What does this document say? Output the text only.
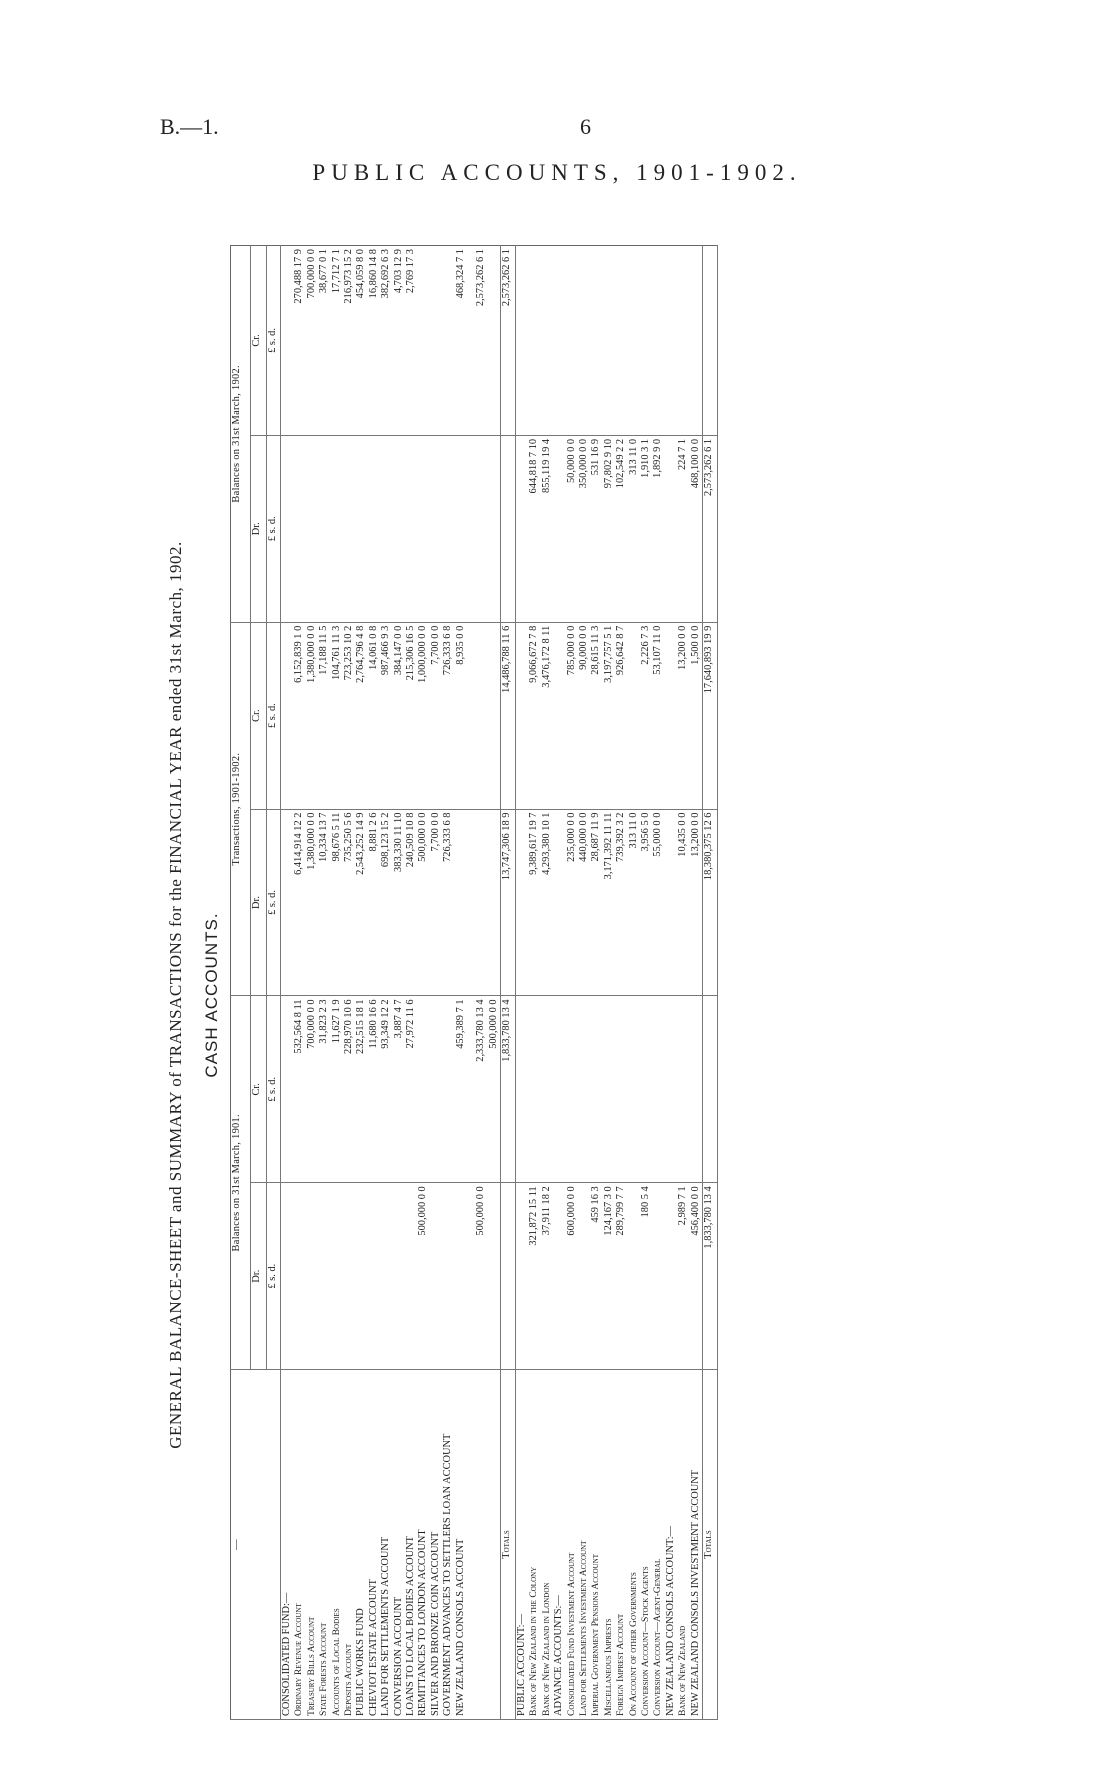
B.—1.	6
PUBLIC ACCOUNTS, 1901-1902.
GENERAL BALANCE-SHEET and SUMMARY of TRANSACTIONS for the FINANCIAL YEAR ended 31st March, 1902. CASH ACCOUNTS.
—	Balances on 31st March, 1901.		Transactions, 1901-1902.		Balances on 31st March, 1902.	
	Dr.	Cr.	Dr.	Cr.	Dr.	Cr.
	£ s. d.	£ s. d.	£ s. d.	£ s. d.	£ s. d.	£ s. d.
CONSOLIDATED FUND:—						
Ordinary Revenue Account		532,564 8 11	6,414,914 12 2	6,152,839 1 0		270,488 17 9
Treasury Bills Account		700,000 0 0	1,380,000 0 0	1,380,000 0 0		700,000 0 0
State Forests Account		31,823 2 3	10,334 13 7	17,188 11 5		38,677 0 1
Accounts of Local Bodies		11,627 1 9	98,676 5 11	104,761 11 3		17,712 7 1
Deposits Account		228,970 10 6	735,250 5 6	723,253 10 2		216,973 15 2
PUBLIC WORKS FUND		232,515 18 1	2,543,252 14 9	2,764,796 4 8		454,059 8 0
CHEVIOT ESTATE ACCOUNT		11,680 16 6	8,881 2 6	14,061 0 8		16,860 14 8
LAND FOR SETTLEMENTS ACCOUNT		93,349 12 2	698,123 15 2	987,466 9 3		382,692 6 3
CONVERSION ACCOUNT		3,887 4 7	383,330 11 10	384,147 0 0		4,703 12 9
LOANS TO LOCAL BODIES ACCOUNT		27,972 11 6	240,509 10 8	215,306 16 5		2,769 17 3
REMITTANCES TO LONDON ACCOUNT	500,000 0 0		500,000 0 0	1,000,000 0 0		
SILVER AND BRONZE COIN ACCOUNT			7,700 0 0	7,700 0 0		
GOVERNMENT ADVANCES TO SETTLERS LOAN ACCOUNT			726,333 6 8	726,333 6 8		
NEW ZEALAND CONSOLS ACCOUNT		459,389 7 1		8,935 0 0		468,324 7 1

	500,000 0 0	2,333,780 13 4				2,573,262 6 1
		500,000 0 0				
Totals		1,833,780 13 4	13,747,306 18 9	14,486,788 11 6		2,573,262 6 1
PUBLIC ACCOUNT:—						
Bank of New Zealand in the Colony	321,872 15 11		9,389,617 19 7	9,066,672 7 8	644,818 7 10	
Bank of New Zealand in London	37,911 18 2		4,293,380 10 1	3,476,172 8 11	855,119 19 4	
ADVANCE ACCOUNTS:—						
Consolidated Fund Investment Account	600,000 0 0		235,000 0 0	785,000 0 0	50,000 0 0	
Land for Settlements Investment Account			440,000 0 0	90,000 0 0	350,000 0 0	
Imperial Government Pensions Account	459 16 3		28,687 11 9	28,615 11 3	531 16 9	
Miscellaneous Imprests	124,167 3 0		3,171,392 11 11	3,197,757 5 1	97,802 9 10	
Foreign Imprest Account	289,799 7 7		739,392 3 2	926,642 8 7	102,549 2 2	
On Account of other Governments			313 11 0		313 11 0	
Conversion Account—Stock Agents	180 5 4		3,956 5 0	2,226 7 3	1,910 3 1	
Conversion Account—Agent-General			55,000 0 0	53,107 11 0	1,892 9 0	
NEW ZEALAND CONSOLS ACCOUNT:—						
Bank of New Zealand	2,989 7 1		10,435 0 0	13,200 0 0	224 7 1	
NEW ZEALAND CONSOLS INVESTMENT ACCOUNT	456,400 0 0		13,200 0 0	1,500 0 0	468,100 0 0	
Totals	1,833,780 13 4		18,380,375 12 6	17,640,893 19 9	2,573,262 6 1	
